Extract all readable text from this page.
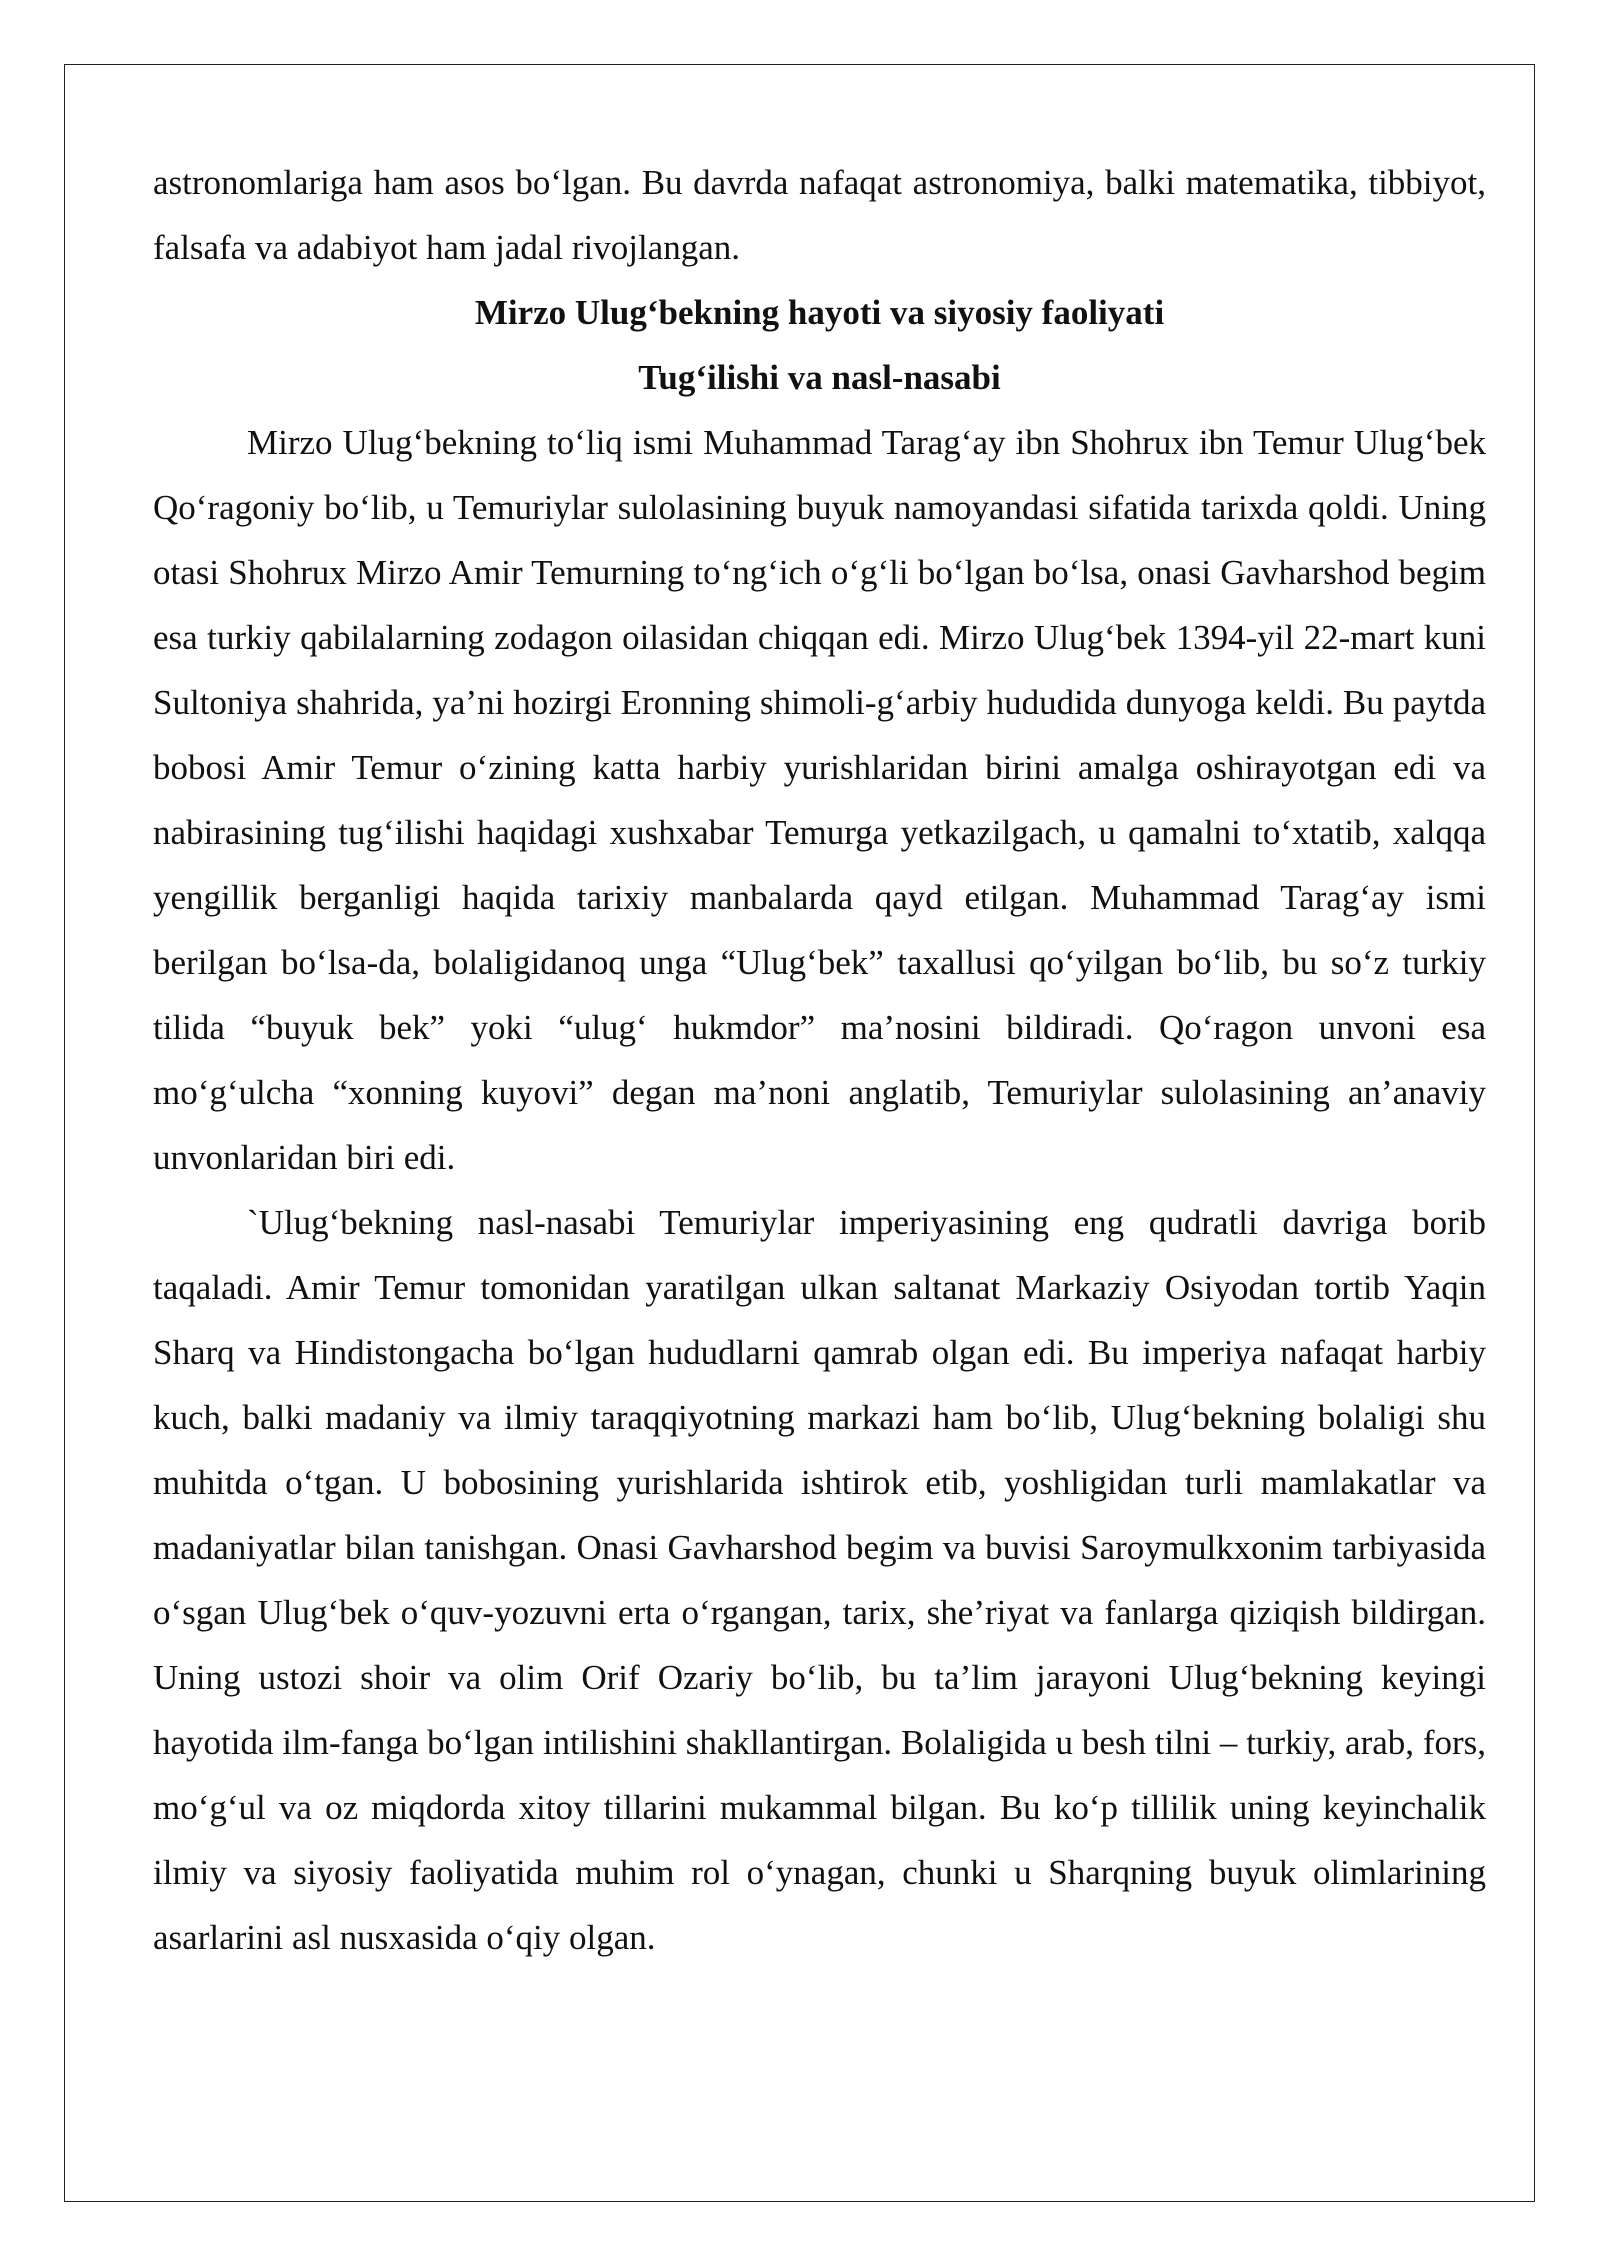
astronomlariga ham asos bo‘lgan. Bu davrda nafaqat astronomiya, balki matematika, tibbiyot, falsafa va adabiyot ham jadal rivojlangan.

Mirzo Ulug‘bekning hayoti va siyosiy faoliyati
Tug‘ilishi va nasl-nasabi

Mirzo Ulug‘bekning to‘liq ismi Muhammad Tarag‘ay ibn Shohrux ibn Temur Ulug‘bek Qo‘ragoniy bo‘lib, u Temuriylar sulolasining buyuk namoyandasi sifatida tarixda qoldi. Uning otasi Shohrux Mirzo Amir Temurning to‘ng‘ich o‘g‘li bo‘lgan bo‘lsa, onasi Gavharshod begim esa turkiy qabilalarning zodagon oilasidan chiqqan edi. Mirzo Ulug‘bek 1394-yil 22-mart kuni Sultoniya shahrida, ya’ni hozirgi Eronning shimoli-g‘arbiy hududida dunyoga keldi. Bu paytda bobosi Amir Temur o‘zining katta harbiy yurishlaridan birini amalga oshirayotgan edi va nabirasining tug‘ilishi haqidagi xushxabar Temurga yetkazilgach, u qamalni to‘xtatib, xalqqa yengillik berganligi haqida tarixiy manbalarda qayd etilgan. Muhammad Tarag‘ay ismi berilgan bo‘lsa-da, bolaligidanoq unga “Ulug‘bek” taxallusi qo‘yilgan bo‘lib, bu so‘z turkiy tilida “buyuk bek” yoki “ulug‘ hukmdor” ma’nosini bildiradi. Qo‘ragon unvoni esa mo‘g‘ulcha “xonning kuyovi” degan ma’noni anglatib, Temuriylar sulolasining an’anaviy unvonlaridan biri edi.

`Ulug‘bekning nasl-nasabi Temuriylar imperiyasining eng qudratli davriga borib taqaladi. Amir Temur tomonidan yaratilgan ulkan saltanat Markaziy Osiyodan tortib Yaqin Sharq va Hindistongacha bo‘lgan hududlarni qamrab olgan edi. Bu imperiya nafaqat harbiy kuch, balki madaniy va ilmiy taraqqiyotning markazi ham bo‘lib, Ulug‘bekning bolaligi shu muhitda o‘tgan. U bobosining yurishlarida ishtirok etib, yoshligidan turli mamlakatlar va madaniyatlar bilan tanishgan. Onasi Gavharshod begim va buvisi Saroymulkxonim tarbiyasida o‘sgan Ulug‘bek o‘quv-yozuvni erta o‘rgangan, tarix, she’riyat va fanlarga qiziqish bildirgan. Uning ustozi shoir va olim Orif Ozariy bo‘lib, bu ta’lim jarayoni Ulug‘bekning keyingi hayotida ilm-fanga bo‘lgan intilishini shakllantirgan. Bolaligida u besh tilni – turkiy, arab, fors, mo‘g‘ul va oz miqdorda xitoy tillarini mukammal bilgan. Bu ko‘p tillilik uning keyinchalik ilmiy va siyosiy faoliyatida muhim rol o‘ynagan, chunki u Sharqning buyuk olimlarining asarlarini asl nusxasida o‘qiy olgan.
